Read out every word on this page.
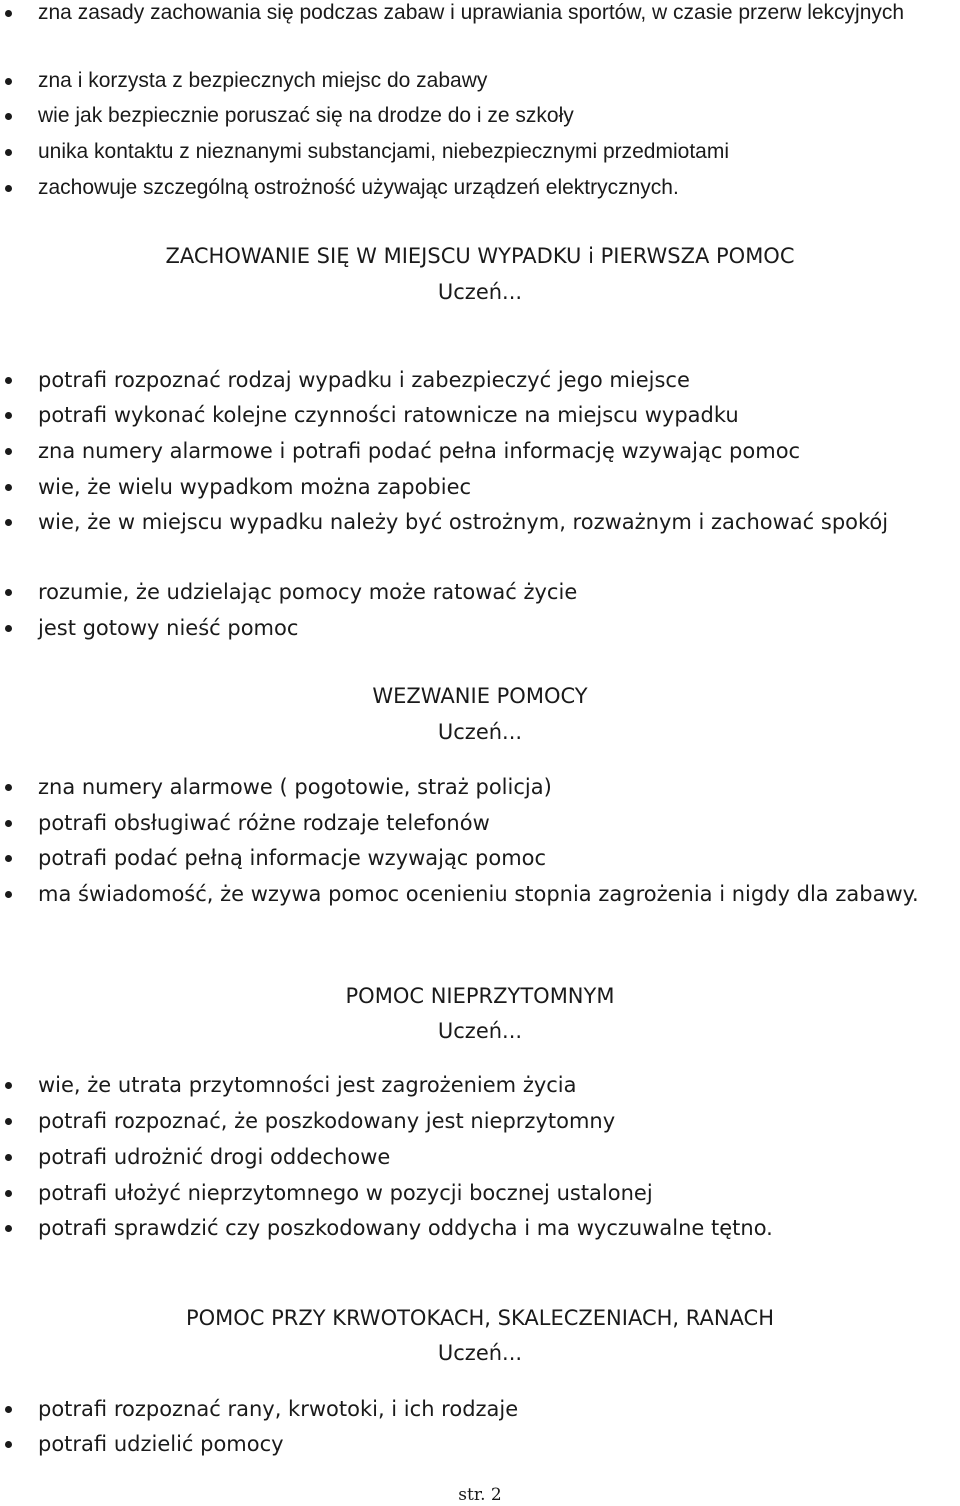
zna zasady zachowania się podczas zabaw i uprawiania sportów, w czasie przerw lekcyjnych
zna i korzysta z bezpiecznych miejsc do zabawy
wie jak bezpiecznie poruszać się na drodze do i ze szkoły
unika kontaktu z nieznanymi substancjami, niebezpiecznymi przedmiotami
zachowuje szczególną ostrożność używając urządzeń elektrycznych.
ZACHOWANIE SIĘ W MIEJSCU WYPADKU i PIERWSZA POMOC
Uczeń...
potrafi rozpoznać rodzaj wypadku i zabezpieczyć jego miejsce
potrafi wykonać kolejne czynności ratownicze na miejscu wypadku
zna numery alarmowe i potrafi podać pełna informację wzywając pomoc
wie, że wielu wypadkom można zapobiec
wie, że w miejscu wypadku należy być ostrożnym, rozważnym i zachować spokój
rozumie, że udzielając pomocy może ratować życie
jest gotowy nieść pomoc
WEZWANIE POMOCY
Uczeń...
zna numery alarmowe ( pogotowie, straż policja)
potrafi obsługiwać różne rodzaje telefonów
potrafi podać pełną informacje wzywając pomoc
ma świadomość, że wzywa pomoc ocenieniu stopnia zagrożenia i nigdy dla zabawy.
POMOC NIEPRZYTOMNYM
Uczeń...
wie, że utrata przytomności jest zagrożeniem życia
potrafi rozpoznać, że poszkodowany jest nieprzytomny
potrafi udrożnić drogi oddechowe
potrafi ułożyć nieprzytomnego w pozycji bocznej ustalonej
potrafi sprawdzić czy poszkodowany oddycha i ma wyczuwalne tętno.
POMOC PRZY KRWOTOKACH, SKALECZENIACH, RANACH
Uczeń...
potrafi rozpoznać rany, krwotoki, i ich rodzaje
potrafi udzielić pomocy
str. 2
